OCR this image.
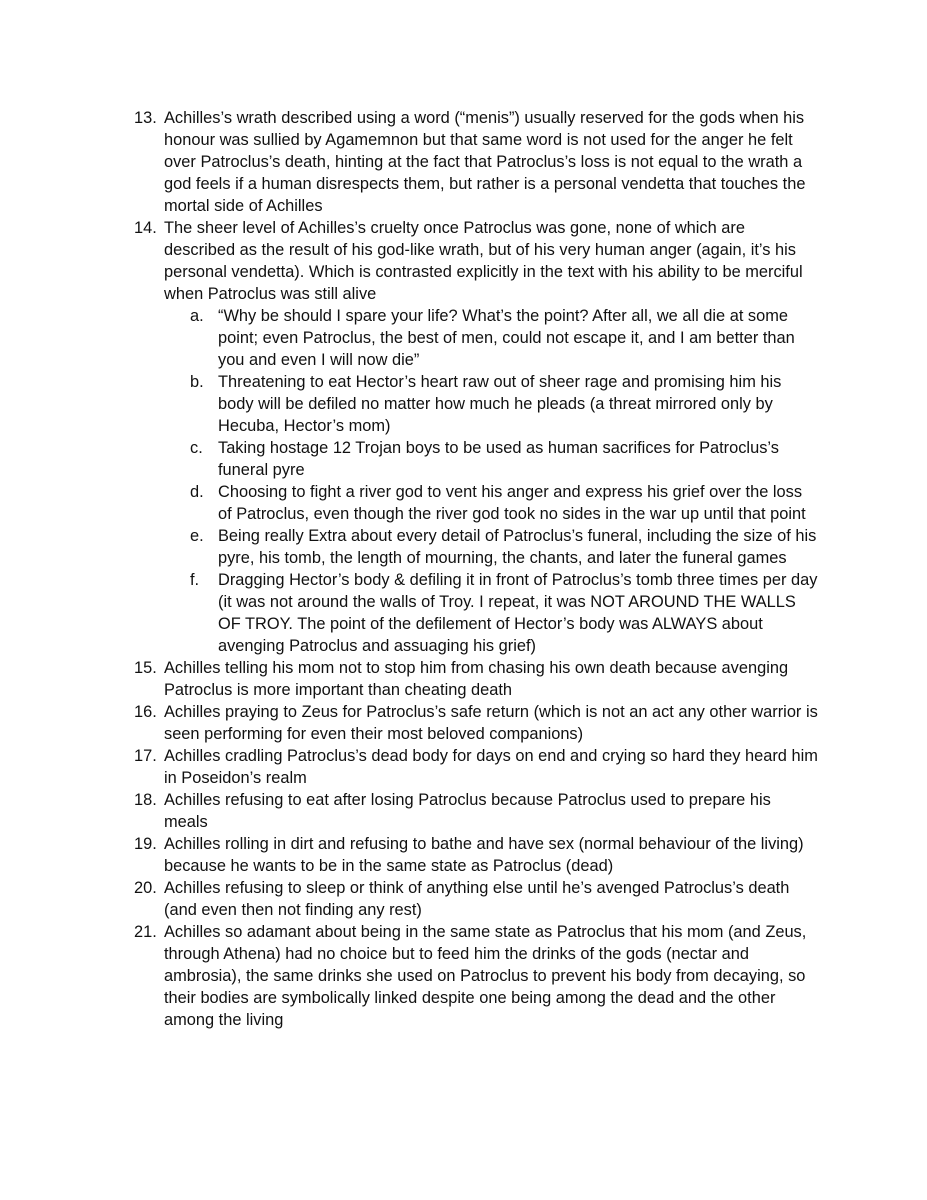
13. Achilles’s wrath described using a word (“menis”) usually reserved for the gods when his honour was sullied by Agamemnon but that same word is not used for the anger he felt over Patroclus’s death, hinting at the fact that Patroclus’s loss is not equal to the wrath a god feels if a human disrespects them, but rather is a personal vendetta that touches the mortal side of Achilles
14. The sheer level of Achilles’s cruelty once Patroclus was gone, none of which are described as the result of his god-like wrath, but of his very human anger (again, it’s his personal vendetta). Which is contrasted explicitly in the text with his ability to be merciful when Patroclus was still alive
a. “Why be should I spare your life? What’s the point? After all, we all die at some point; even Patroclus, the best of men, could not escape it, and I am better than you and even I will now die”
b. Threatening to eat Hector’s heart raw out of sheer rage and promising him his body will be defiled no matter how much he pleads (a threat mirrored only by Hecuba, Hector’s mom)
c. Taking hostage 12 Trojan boys to be used as human sacrifices for Patroclus’s funeral pyre
d. Choosing to fight a river god to vent his anger and express his grief over the loss of Patroclus, even though the river god took no sides in the war up until that point
e. Being really Extra about every detail of Patroclus’s funeral, including the size of his pyre, his tomb, the length of mourning, the chants, and later the funeral games
f. Dragging Hector’s body & defiling it in front of Patroclus’s tomb three times per day (it was not around the walls of Troy. I repeat, it was NOT AROUND THE WALLS OF TROY. The point of the defilement of Hector’s body was ALWAYS about avenging Patroclus and assuaging his grief)
15. Achilles telling his mom not to stop him from chasing his own death because avenging Patroclus is more important than cheating death
16. Achilles praying to Zeus for Patroclus’s safe return (which is not an act any other warrior is seen performing for even their most beloved companions)
17. Achilles cradling Patroclus’s dead body for days on end and crying so hard they heard him in Poseidon’s realm
18. Achilles refusing to eat after losing Patroclus because Patroclus used to prepare his meals
19. Achilles rolling in dirt and refusing to bathe and have sex (normal behaviour of the living) because he wants to be in the same state as Patroclus (dead)
20. Achilles refusing to sleep or think of anything else until he’s avenged Patroclus’s death (and even then not finding any rest)
21. Achilles so adamant about being in the same state as Patroclus that his mom (and Zeus, through Athena) had no choice but to feed him the drinks of the gods (nectar and ambrosia), the same drinks she used on Patroclus to prevent his body from decaying, so their bodies are symbolically linked despite one being among the dead and the other among the living
